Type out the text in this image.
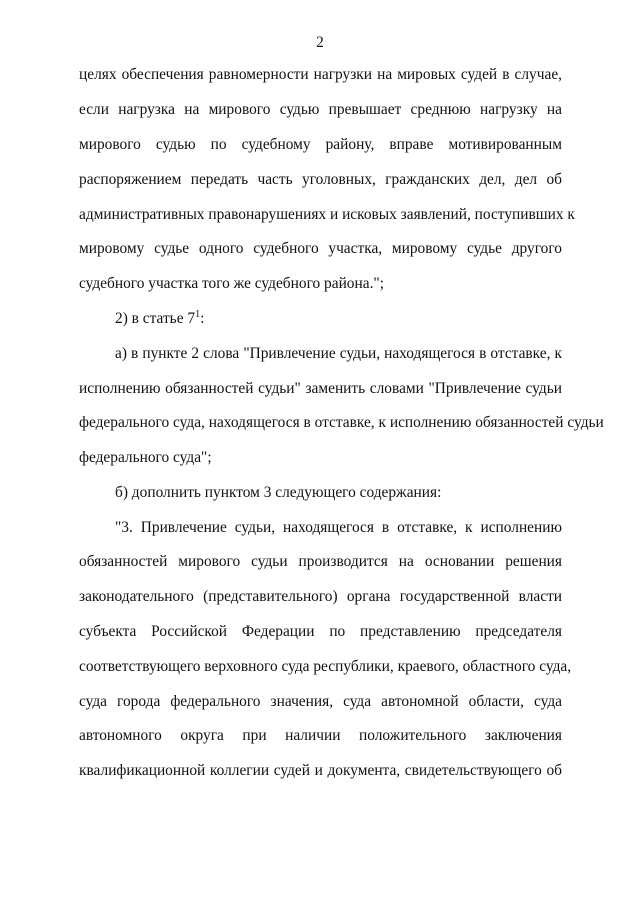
2
целях обеспечения равномерности нагрузки на мировых судей в случае,
если нагрузка на мирового судью превышает среднюю нагрузку на
мирового судью по судебному району, вправе мотивированным
распоряжением передать часть уголовных, гражданских дел, дел об
административных правонарушениях и исковых заявлений, поступивших к
мировому судье одного судебного участка, мировому судье другого
судебного участка того же судебного района.";
2) в статье $7^1$:
а) в пункте 2 слова "Привлечение судьи, находящегося в отставке, к
исполнению обязанностей судьи" заменить словами "Привлечение судьи
федерального суда, находящегося в отставке, к исполнению обязанностей судьи
федерального суда";
б) дополнить пунктом 3 следующего содержания:
"3. Привлечение судьи, находящегося в отставке, к исполнению
обязанностей мирового судьи производится на основании решения
законодательного (представительного) органа государственной власти
субъекта Российской Федерации по представлению председателя
соответствующего верховного суда республики, краевого, областного суда,
суда города федерального значения, суда автономной области, суда
автономного округа при наличии положительного заключения
квалификационной коллегии судей и документа, свидетельствующего об
